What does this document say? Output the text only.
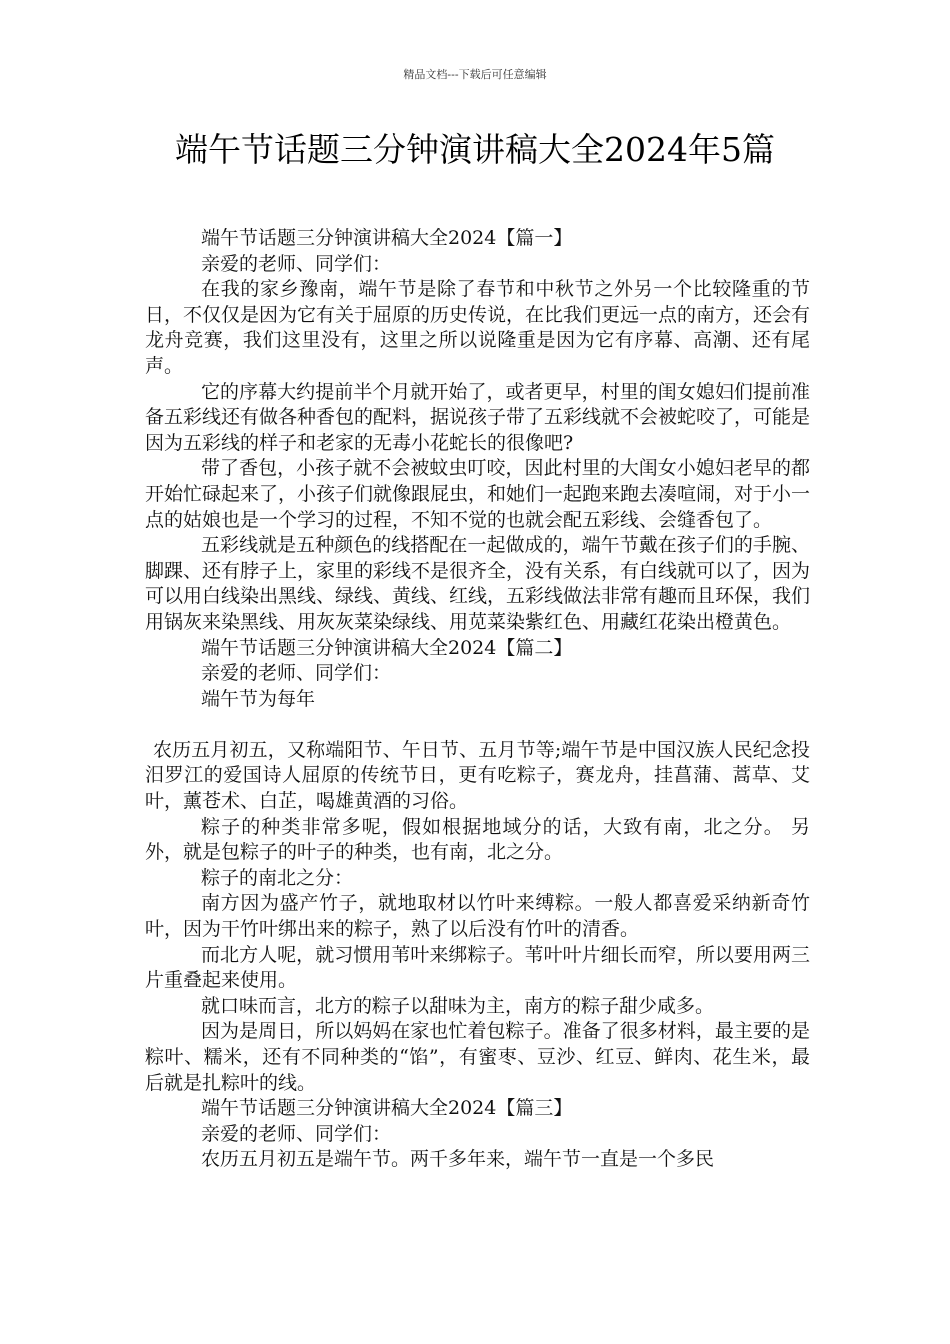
精品文档---下载后可任意编辑
端午节话题三分钟演讲稿大全2024年5篇

端午节话题三分钟演讲稿大全2024【篇一】

亲爱的老师、同学们：

在我的家乡豫南，端午节是除了春节和中秋节之外另一个比较隆重的节日，不仅仅是因为它有关于屈原的历史传说，在比我们更远一点的南方，还会有龙舟竞赛，我们这里没有，这里之所以说隆重是因为它有序幕、高潮、还有尾声。

它的序幕大约提前半个月就开始了，或者更早，村里的闺女媳妇们提前准备五彩线还有做各种香包的配料，据说孩子带了五彩线就不会被蛇咬了，可能是因为五彩线的样子和老家的无毒小花蛇长的很像吧?

带了香包，小孩子就不会被蚊虫叮咬，因此村里的大闺女小媳妇老早的都开始忙碌起来了，小孩子们就像跟屁虫，和她们一起跑来跑去凑喧闹，对于小一点的姑娘也是一个学习的过程，不知不觉的也就会配五彩线、会缝香包了。

五彩线就是五种颜色的线搭配在一起做成的，端午节戴在孩子们的手腕、脚踝、还有脖子上，家里的彩线不是很齐全，没有关系，有白线就可以了，因为可以用白线染出黑线、绿线、黄线、红线，五彩线做法非常有趣而且环保，我们用锅灰来染黑线、用灰灰菜染绿线、用苋菜染紫红色、用藏红花染出橙黄色。

端午节话题三分钟演讲稿大全2024【篇二】

亲爱的老师、同学们：

端午节为每年

农历五月初五，又称端阳节、午日节、五月节等;端午节是中国汉族人民纪念投汨罗江的爱国诗人屈原的传统节日，更有吃粽子，赛龙舟，挂菖蒲、蒿草、艾叶，薰苍术、白芷，喝雄黄酒的习俗。

粽子的种类非常多呢，假如根据地域分的话，大致有南，北之分。 另外，就是包粽子的叶子的种类，也有南，北之分。

粽子的南北之分：

南方因为盛产竹子，就地取材以竹叶来缚粽。一般人都喜爱采纳新奇竹叶，因为干竹叶绑出来的粽子，熟了以后没有竹叶的清香。

而北方人呢，就习惯用苇叶来绑粽子。苇叶叶片细长而窄，所以要用两三片重叠起来使用。

就口味而言，北方的粽子以甜味为主，南方的粽子甜少咸多。

因为是周日，所以妈妈在家也忙着包粽子。准备了很多材料，最主要的是粽叶、糯米，还有不同种类的“馅”，有蜜枣、豆沙、红豆、鲜肉、花生米，最后就是扎粽叶的线。

端午节话题三分钟演讲稿大全2024【篇三】

亲爱的老师、同学们：

农历五月初五是端午节。两千多年来，端午节一直是一个多民
